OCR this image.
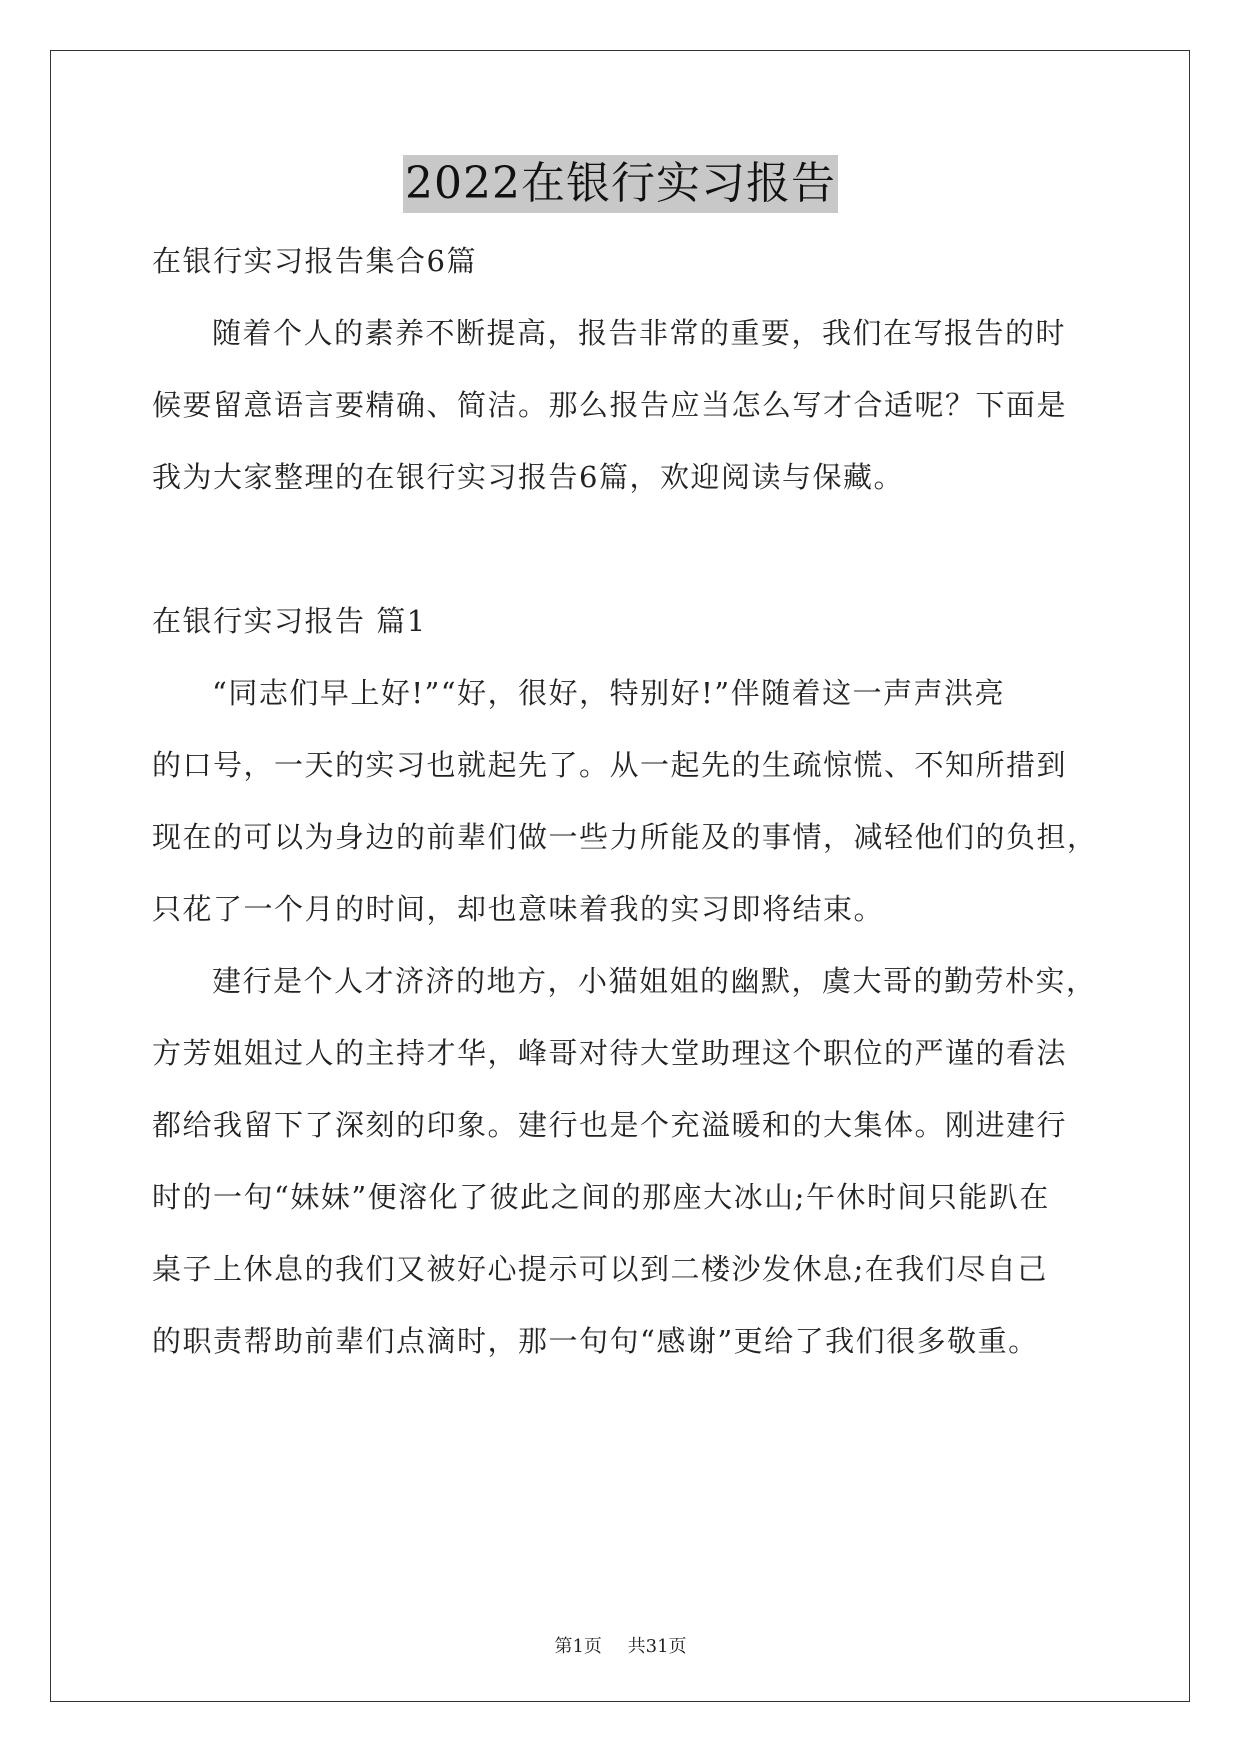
2022在银行实习报告
在银行实习报告集合6篇
随着个人的素养不断提高，报告非常的重要，我们在写报告的时
候要留意语言要精确、简洁。那么报告应当怎么写才合适呢？下面是
我为大家整理的在银行实习报告6篇，欢迎阅读与保藏。
在银行实习报告 篇1
“同志们早上好!”“好，很好，特别好!”伴随着这一声声洪亮
的口号，一天的实习也就起先了。从一起先的生疏惊慌、不知所措到
现在的可以为身边的前辈们做一些力所能及的事情，减轻他们的负担，
只花了一个月的时间，却也意味着我的实习即将结束。
建行是个人才济济的地方，小猫姐姐的幽默，虞大哥的勤劳朴实，
方芳姐姐过人的主持才华，峰哥对待大堂助理这个职位的严谨的看法
都给我留下了深刻的印象。建行也是个充溢暖和的大集体。刚进建行
时的一句“妹妹”便溶化了彼此之间的那座大冰山;午休时间只能趴在
桌子上休息的我们又被好心提示可以到二楼沙发休息;在我们尽自己
的职责帮助前辈们点滴时，那一句句“感谢”更给了我们很多敬重。
第1页 共31页
